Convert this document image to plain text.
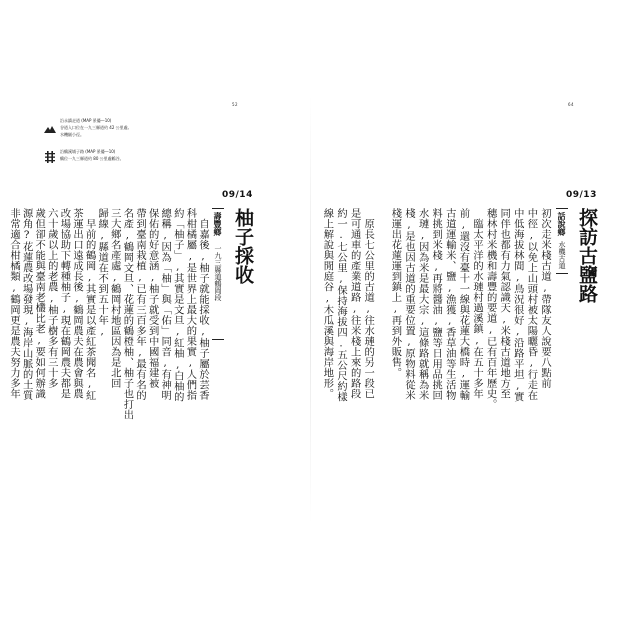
52	64
沿永鎮走道 (MAP 景優—10)
谷道入口位在一九三縣道約 42 公里處,
水機隧小徑。
沿鶴溪埔子路 (MAP 景優—10)
鶴位一九三縣道約 80 公里處鶴谷。
09/13
探訪古鹽路
話說鄉
水機古道
09/14
柚子採收
壽豐鄉
一九三縣道鶴岡段	初次走米棧古道,帶隊友人說要八點前
中徑,以免上山頭村被太陽曬昏,行走在
中低海拔林間,鳥況很好,沿路平坦,實
同伴也都有力氣認識天,米棧古道地方至
穗林村米機和壽豐的要道,已有百年歷史。
　臨太平洋的水璉村過溪鎮,在五十多年
前,還沒有臺十一線與花蓮大橋時,運輸
古道運輸米、鹽,漁獲,香草油等生活物
料挑到米棧,再將醬油,鹽等日用品挑回
水璉,因為米是最大宗,這條路就稱為米
棧,是也因古道的重要位置,原物料從米
棧運出花蓮運到鎮上,再到外販售。

　原長七公里的古道,往水璉的另一段已
是可通車的產業道路,往米棧上來的路段
約一.七公里,保持海拔四.五公尺約樣
線上解說與閒庭谷,木瓜溪與海岸地形。
　自嘉後,柚子就能採收,柚子屬於芸香
科柑橘屬,是世界上最大的果實,人們指
約「柚子」,其實是文旦,紅柚,白柚的
總稱,因為「柚」與「佑」同音,有神明
保佑的好意涵,柚子就受到中國福建被
帶到臺南栽植,已有三百多年,最有名的
名產,鶴岡文旦、花蓮的鶴橙柚、柚子也打出
三大鄉名產處,鶴岡村地區因為是北回
歸線,縣道在不到五十年,
　早前的鶴岡,其實是以產紅茶聞名,紅
茶運出口遠成長後,鶴岡農夫在農會與農
改場協助下轉種柚子,現在鶴岡農夫都是
六十歲以上的老農,柚子樹多有三十多
歲但卻不能與臺南老欉比老,要如何辦識
源角?花蓮農改場發現,海岸山脈的土質
非常適合柑橘類,鶴岡更是農夫努力多年
